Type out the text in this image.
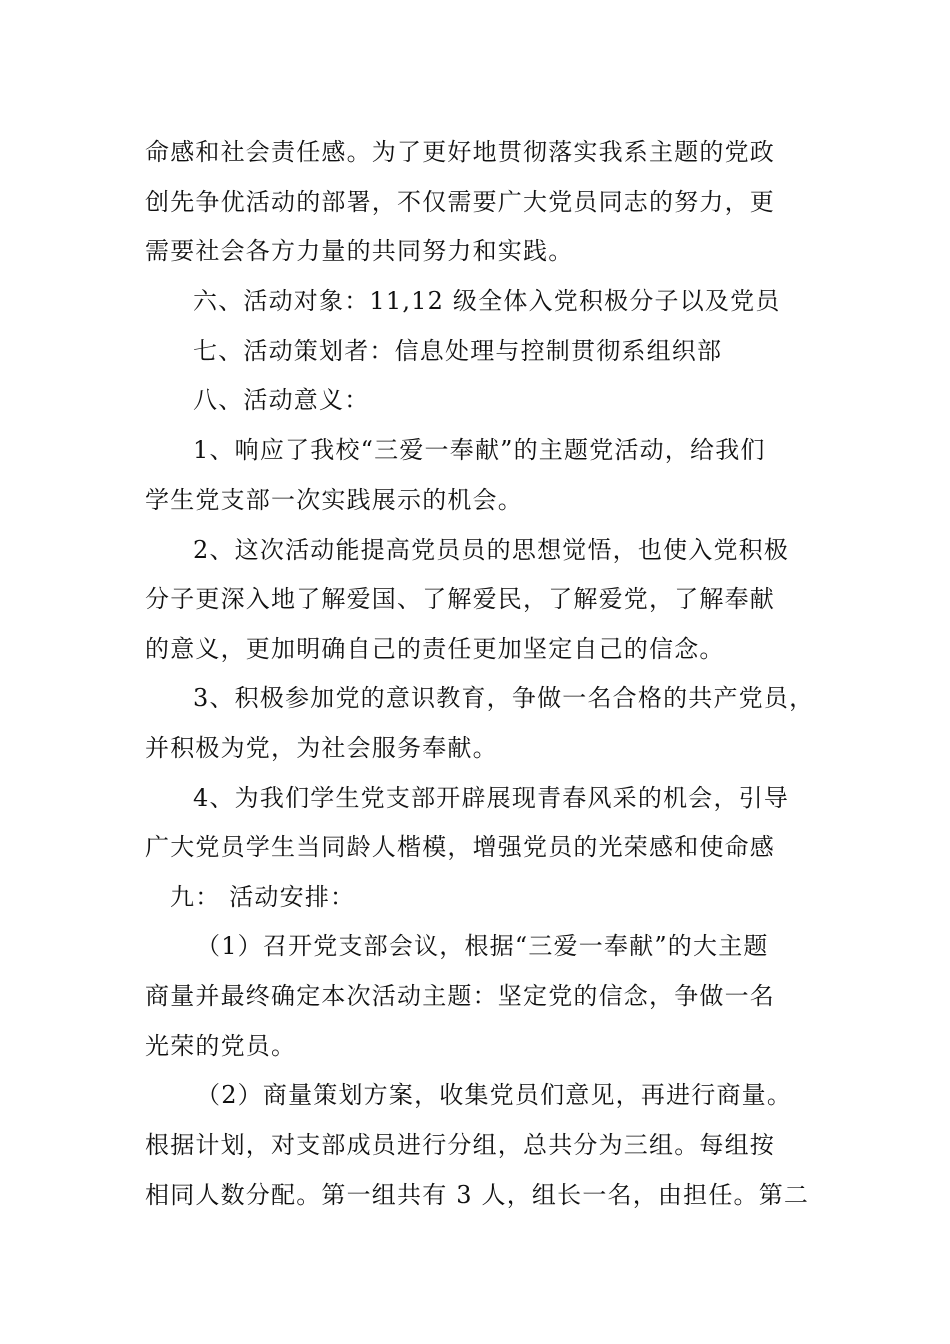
命感和社会责任感。为了更好地贯彻落实我系主题的党政
创先争优活动的部署，不仅需要广大党员同志的努力，更
需要社会各方力量的共同努力和实践。
六、活动对象：11,12 级全体入党积极分子以及党员
七、活动策划者：信息处理与控制贯彻系组织部
八、活动意义：
1、响应了我校“三爱一奉献”的主题党活动，给我们
学生党支部一次实践展示的机会。
2、这次活动能提高党员员的思想觉悟，也使入党积极
分子更深入地了解爱国、了解爱民，了解爱党，了解奉献
的意义，更加明确自己的责任更加坚定自己的信念。
3、积极参加党的意识教育，争做一名合格的共产党员，
并积极为党，为社会服务奉献。
4、为我们学生党支部开辟展现青春风采的机会，引导
广大党员学生当同龄人楷模，增强党员的光荣感和使命感
九： 活动安排：
（1）召开党支部会议，根据“三爱一奉献”的大主题
商量并最终确定本次活动主题：坚定党的信念，争做一名
光荣的党员。
（2）商量策划方案，收集党员们意见，再进行商量。
根据计划，对支部成员进行分组，总共分为三组。每组按
相同人数分配。第一组共有 3 人，组长一名，由担任。第二
